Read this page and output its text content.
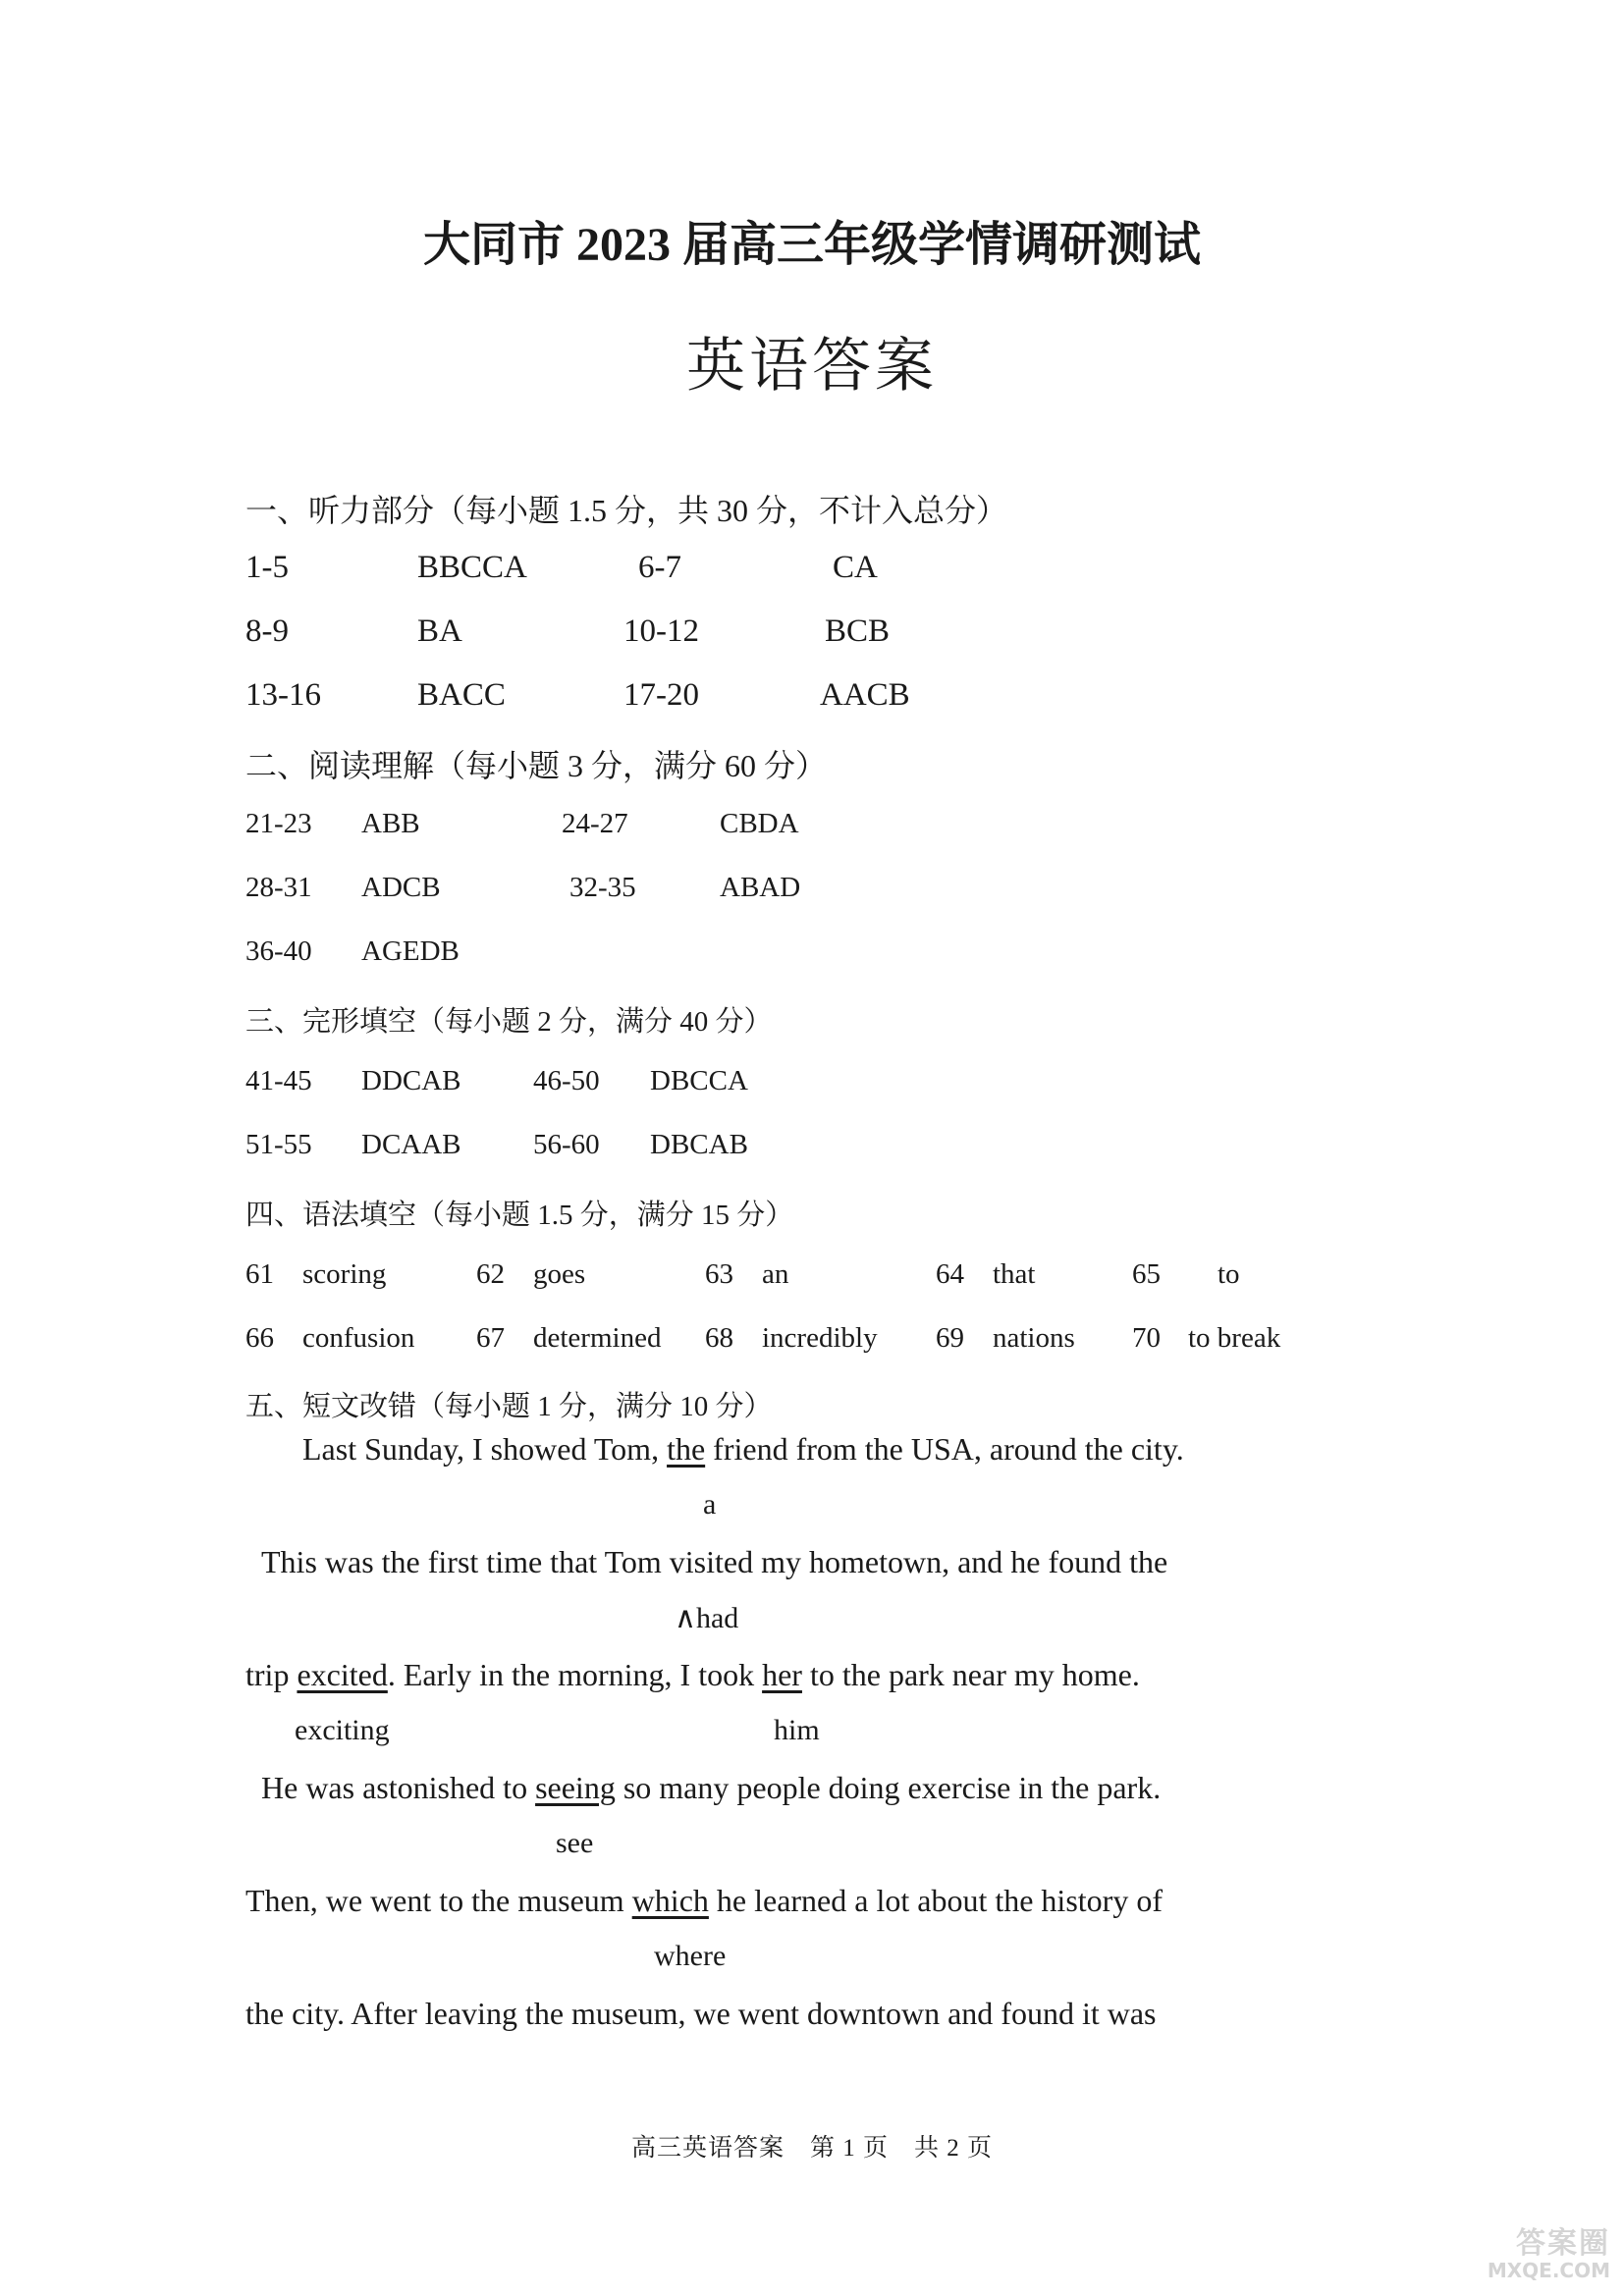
大同市 2023 届高三年级学情调研测试
英语答案
一、听力部分（每小题 1.5 分，共 30 分，不计入总分）
1-5	BBCCA	6-7	CA
8-9	BA	10-12	BCB
13-16	BACC	17-20	AACB
二、阅读理解（每小题 3 分，满分 60 分）
21-23 ABB	24-27	CBDA
28-31 ADCB	32-35	ABAD
36-40 AGEDB
三、完形填空（每小题 2 分，满分 40 分）
41-45 DDCAB	46-50 DBCCA
51-55 DCAAB	56-60 DBCAB
四、语法填空（每小题 1.5 分，满分 15 分）
61 scoring	62 goes	63 an	64 that	65 to
66 confusion 67 determined 68 incredibly 69 nations 70 to break
五、短文改错（每小题 1 分，满分 10 分）
Last Sunday, I showed Tom, the friend from the USA, around the city.
a
This was the first time that Tom visited my hometown, and he found the
∧had
trip excited. Early in the morning, I took her to the park near my home.
exciting	him
He was astonished to seeing so many people doing exercise in the park.
see
Then, we went to the museum which he learned a lot about the history of
where
the city. After leaving the museum, we went downtown and found it was
高三英语答案　第 1 页　共 2 页
答案圈
MXQE.COM
